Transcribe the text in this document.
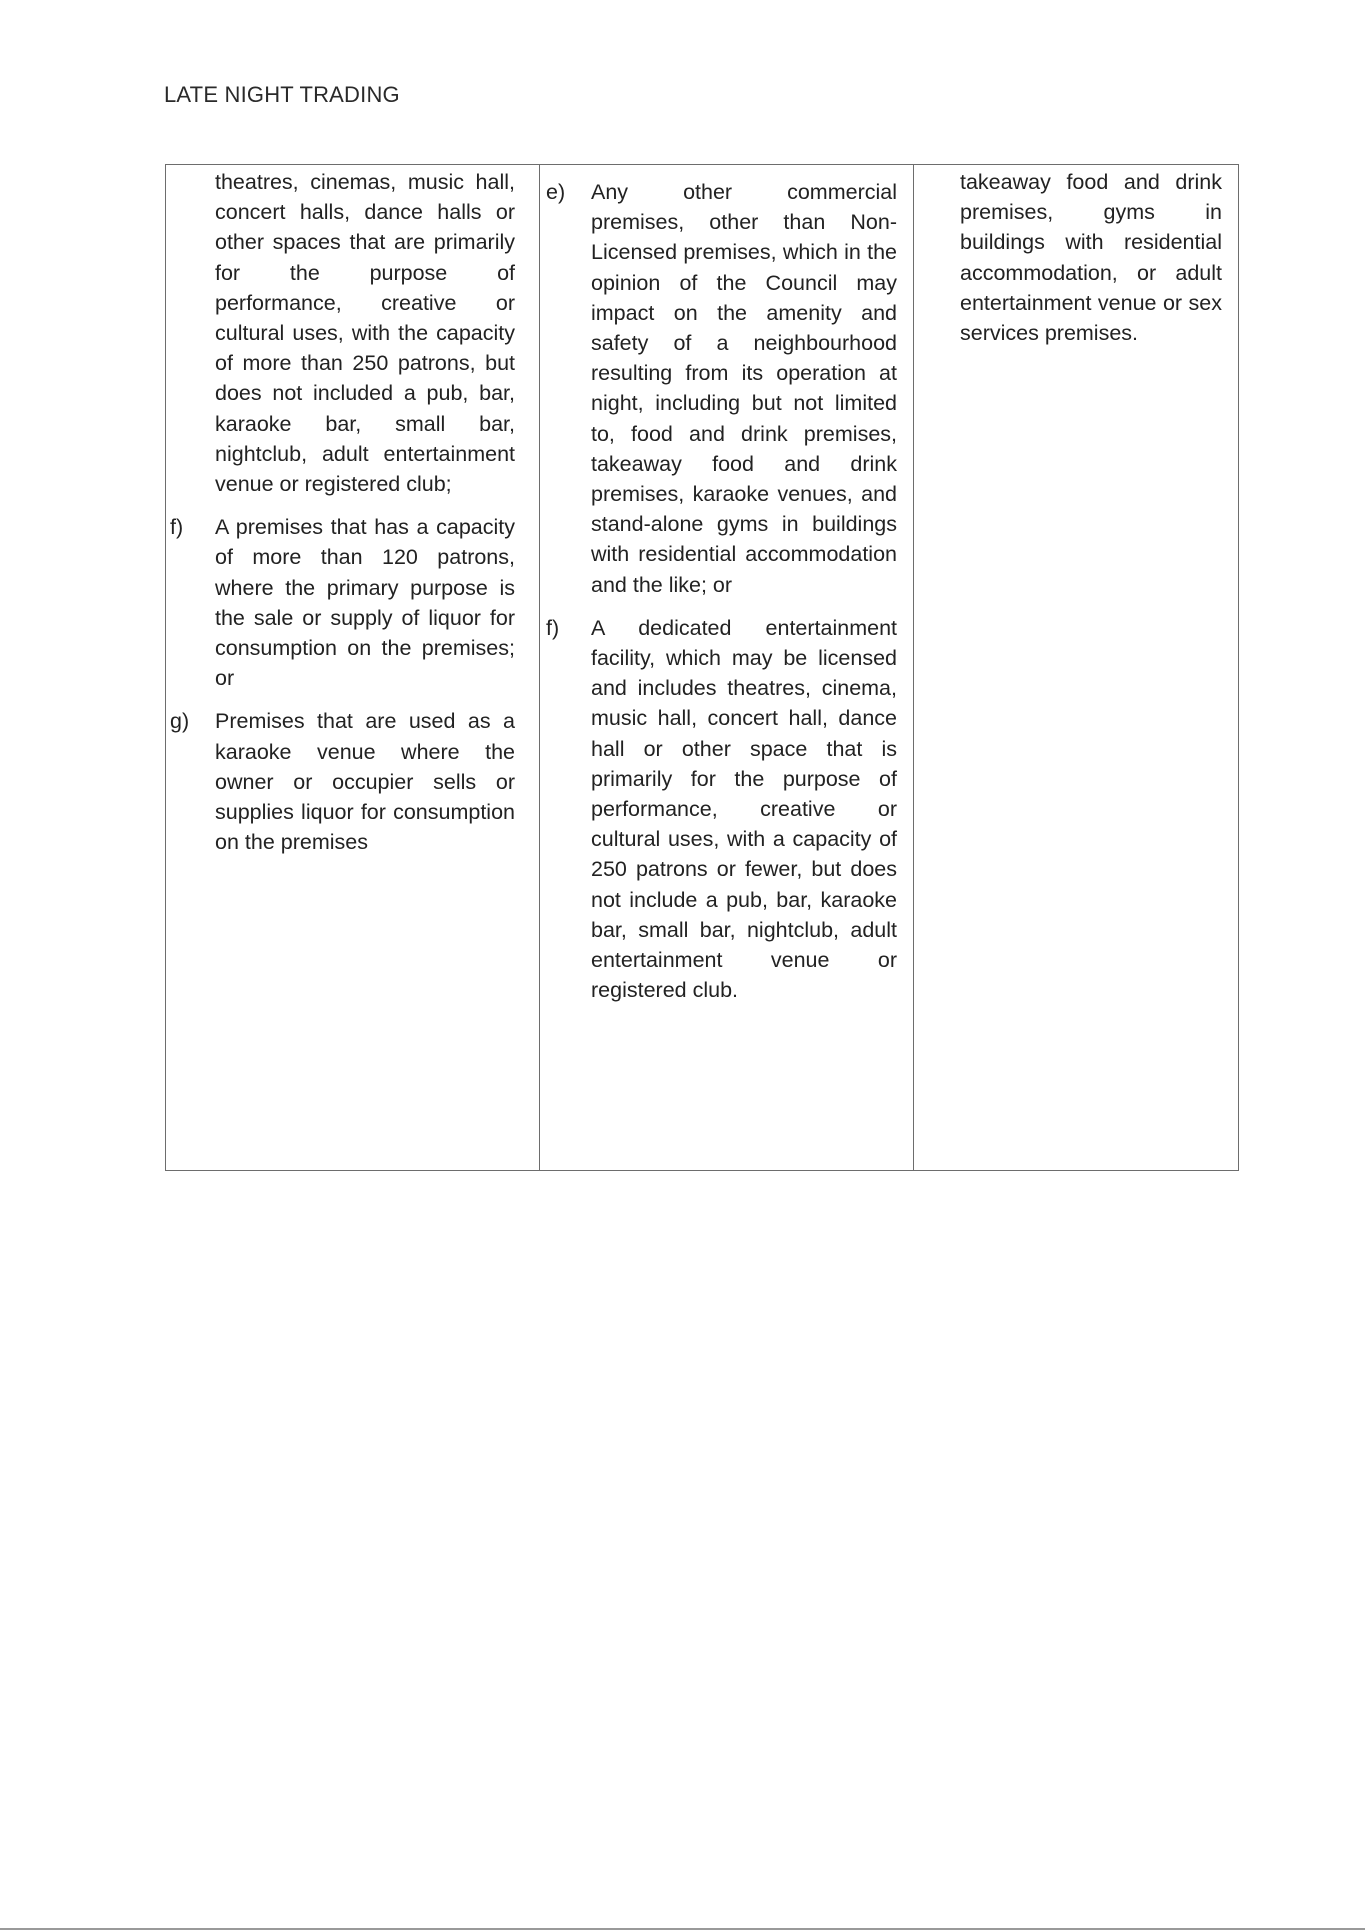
LATE NIGHT TRADING
theatres, cinemas, music hall, concert halls, dance halls or other spaces that are primarily for the purpose of performance, creative or cultural uses, with the capacity of more than 250 patrons, but does not included a pub, bar, karaoke bar, small bar, nightclub, adult entertainment venue or registered club;
f)	A premises that has a capacity of more than 120 patrons, where the primary purpose is the sale or supply of liquor for consumption on the premises; or
g)	Premises that are used as a karaoke venue where the owner or occupier sells or supplies liquor for consumption on the premises
e)	Any other commercial premises, other than Non-Licensed premises, which in the opinion of the Council may impact on the amenity and safety of a neighbourhood resulting from its operation at night, including but not limited to, food and drink premises, takeaway food and drink premises, karaoke venues, and stand-alone gyms in buildings with residential accommodation and the like; or
f)	A dedicated entertainment facility, which may be licensed and includes theatres, cinema, music hall, concert hall, dance hall or other space that is primarily for the purpose of performance, creative or cultural uses, with a capacity of 250 patrons or fewer, but does not include a pub, bar, karaoke bar, small bar, nightclub, adult entertainment venue or registered club.
takeaway food and drink premises, gyms in buildings with residential accommodation, or adult entertainment venue or sex services premises.
